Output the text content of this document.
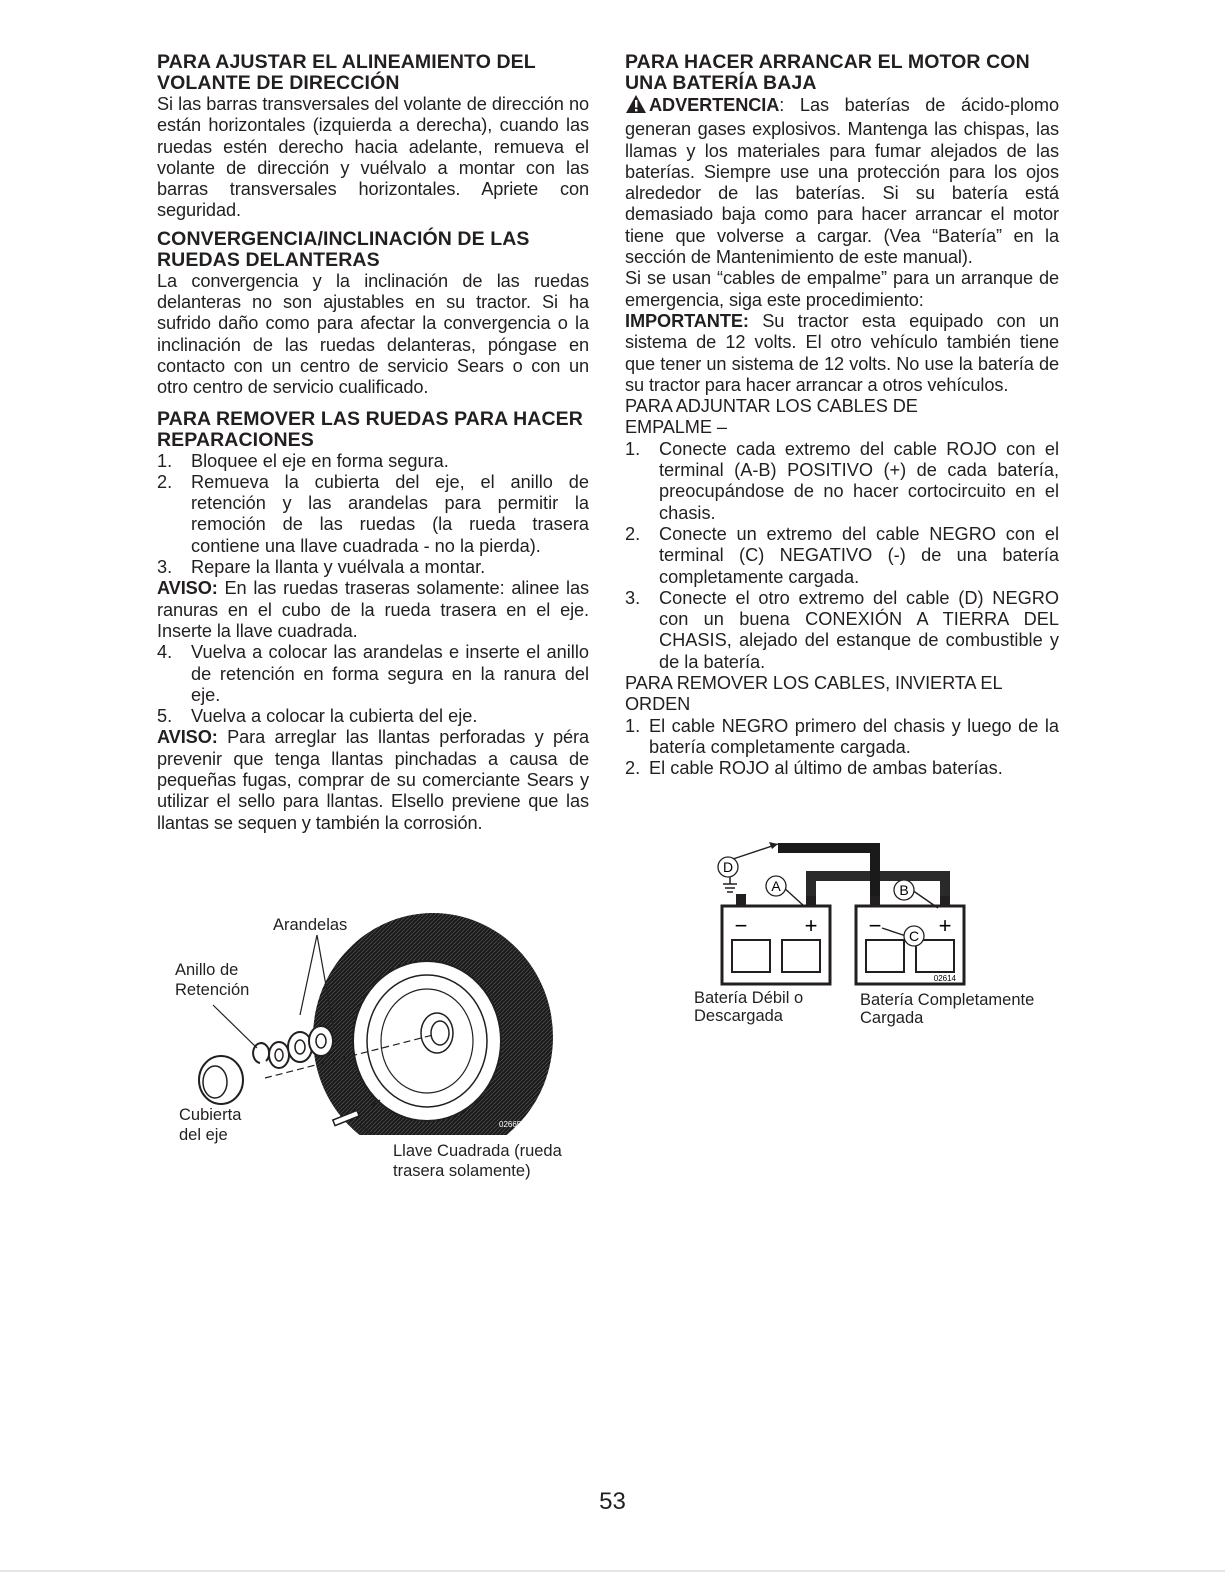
PARA AJUSTAR EL ALINEAMIENTO DEL VOLANTE DE DIRECCIÓN

Si las barras transversales del volante de dirección no están horizontales (izquierda a derecha), cuando las ruedas estén derecho hacia adelante, remueva el volante de dirección y vuélvalo a montar con las barras transversales horizontales. Apriete con seguridad.

CONVERGENCIA/INCLINACIÓN DE LAS RUEDAS DELANTERAS

La convergencia y la inclinación de las ruedas delanteras no son ajustables en su tractor. Si ha sufrido daño como para afectar la convergencia o la inclinación de las ruedas delanteras, póngase en contacto con un centro de servicio Sears o con un otro centro de servicio cualificado.

PARA REMOVER LAS RUEDAS PARA HACER REPARACIONES
1. Bloquee el eje en forma segura.
2. Remueva la cubierta del eje, el anillo de retención y las arandelas para permitir la remoción de las ruedas (la rueda trasera contiene una llave cuadrada - no la pierda).
3. Repare la llanta y vuélvala a montar.

AVISO: En las ruedas traseras solamente: alinee las ranuras en el cubo de la rueda trasera en el eje. Inserte la llave cuadrada.

4. Vuelva a colocar las arandelas e inserte el anillo de retención en forma segura en la ranura del eje.
5. Vuelva a colocar la cubierta del eje.

AVISO: Para arreglar las llantas perforadas y péra prevenir que tenga llantas pinchadas a causa de pequeñas fugas, comprar de su comerciante Sears y utilizar el sello para llantas. Elsello previene que las llantas se sequen y también la corrosión.

02665
Arandelas
Anillo de
Retención
Cubierta
del eje
Llave Cuadrada (rueda
trasera solamente)
PARA HACER ARRANCAR EL MOTOR CON UNA BATERÍA BAJA

ADVERTENCIA: Las baterías de ácido-plomo generan gases explosivos. Mantenga las chispas, las llamas y los materiales para fumar alejados de las baterías. Siempre use una protección para los ojos alrededor de las baterías. Si su batería está demasiado baja como para hacer arrancar el motor tiene que volverse a cargar. (Vea “Batería” en la sección de Mantenimiento de este manual).

Si se usan “cables de empalme” para un arranque de emergencia, siga este procedimiento:

IMPORTANTE: Su tractor esta equipado con un sistema de 12 volts. El otro vehículo también tiene que tener un sistema de 12 volts. No use la batería de su tractor para hacer arrancar a otros vehículos.

PARA ADJUNTAR LOS CABLES DE EMPALME –

1. Conecte cada extremo del cable ROJO con el terminal (A-B) POSITIVO (+) de cada batería, preocupándose de no hacer cortocircuito en el chasis.
2. Conecte un extremo del cable NEGRO con el terminal (C) NEGATIVO (-) de una batería completamente cargada.
3. Conecte el otro extremo del cable (D) NEGRO con un buena CONEXIÓN A TIERRA DEL CHASIS, alejado del estanque de combustible y de la batería.

PARA REMOVER LOS CABLES, INVIERTA EL ORDEN

1. El cable NEGRO primero del chasis y luego de la batería completamente cargada.
2. El cable ROJO al último de ambas baterías.
D
A	B
C
−	+ −	+
02614
Batería Débil o
Descargada
Batería Completamente
Cargada
53
